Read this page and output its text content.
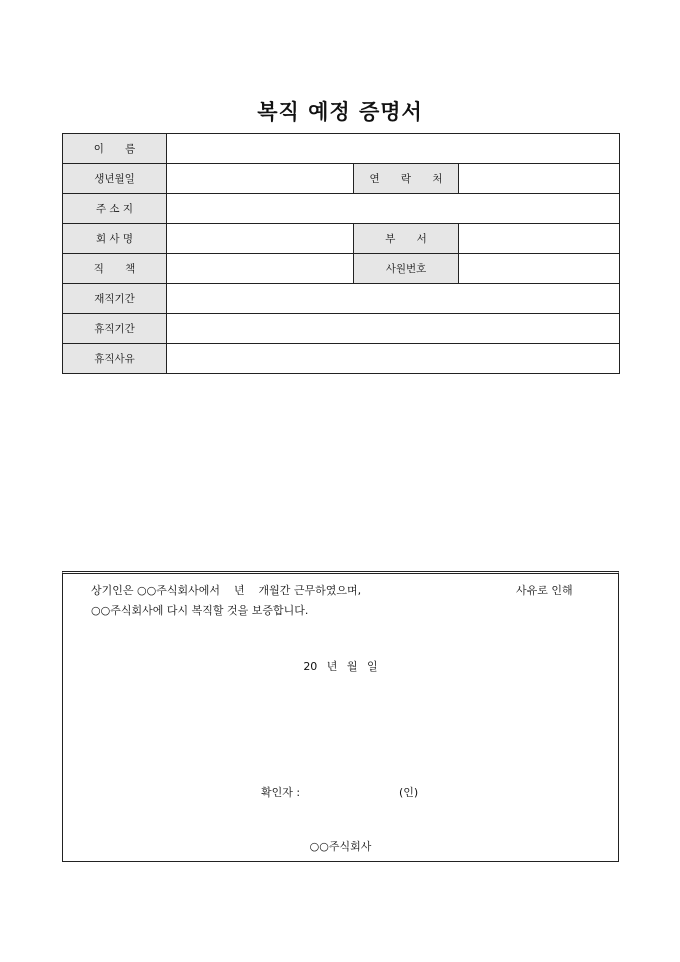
복직 예정 증명서
이 름			
생년월일		연 락 처	
주 소 지			
회 사 명		부 서	
직 책		사원번호	
재직기간			
휴직기간			
휴직사유			
상기인은 ○○주식회사에서    년    개월간 근무하였으며,	사유로 인해
○○주식회사에 다시 복직할 것을 보증합니다.
20 년 월 일
확인자 :	(인)
○○주식회사
